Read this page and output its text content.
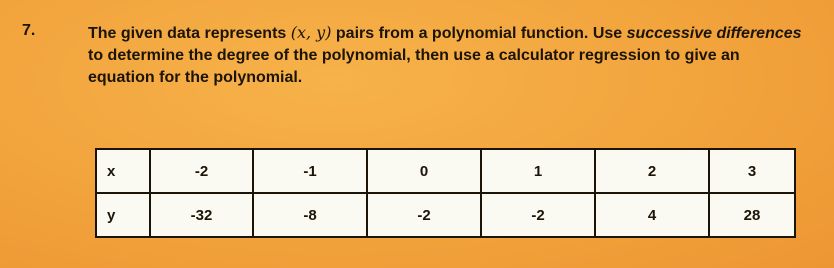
7.	The given data represents (x, y) pairs from a polynomial function. Use successive differences to determine the degree of the polynomial, then use a calculator regression to give an equation for the polynomial.
x	-2	-1	0	1	2	3
y	-32	-8	-2	-2	4	28
